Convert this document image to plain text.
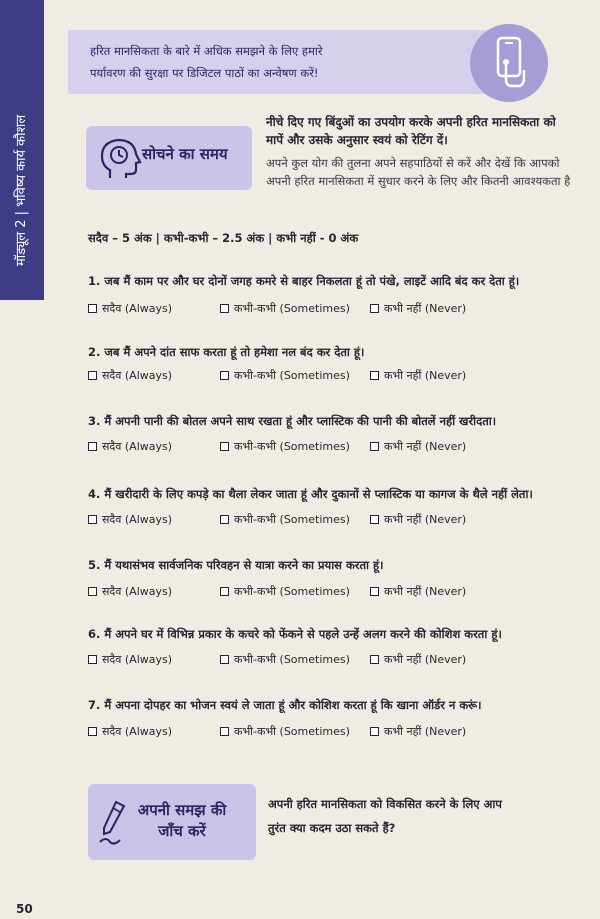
मॉड्यूल 2 | भविष्य कार्य कौशल
हरित मानसिकता के बारे में अधिक समझने के लिए हमारे
पर्यावरण की सुरक्षा पर डिजिटल पाठों का अन्वेषण करें!
सोचने का समय
नीचे दिए गए बिंदुओं का उपयोग करके अपनी हरित मानसिकता को मापें और उसके अनुसार स्वयं को रेटिंग दें।
अपने कुल योग की तुलना अपने सहपाठियों से करें और देखें कि आपको अपनी हरित मानसिकता में सुधार करने के लिए और कितनी आवश्यकता है
सदैव – 5 अंक | कभी-कभी – 2.5 अंक | कभी नहीं - 0 अंक
1. जब मैं काम पर और घर दोनों जगह कमरे से बाहर निकलता हूं तो पंखे, लाइटें आदि बंद कर देता हूं।
सदैव (Always)	कभी-कभी (Sometimes)	कभी नहीं (Never)
2. जब मैं अपने दांत साफ करता हूं तो हमेशा नल बंद कर देता हूं।
सदैव (Always)	कभी-कभी (Sometimes)	कभी नहीं (Never)
3. मैं अपनी पानी की बोतल अपने साथ रखता हूं और प्लास्टिक की पानी की बोतलें नहीं खरीदता।
सदैव (Always)	कभी-कभी (Sometimes)	कभी नहीं (Never)
4. मैं खरीदारी के लिए कपड़े का थैला लेकर जाता हूं और दुकानों से प्लास्टिक या कागज के थैले नहीं लेता।
सदैव (Always)	कभी-कभी (Sometimes)	कभी नहीं (Never)
5. मैं यथासंभव सार्वजनिक परिवहन से यात्रा करने का प्रयास करता हूं।
सदैव (Always)	कभी-कभी (Sometimes)	कभी नहीं (Never)
6. मैं अपने घर में विभिन्न प्रकार के कचरे को फेंकने से पहले उन्हें अलग करने की कोशिश करता हूं।
सदैव (Always)	कभी-कभी (Sometimes)	कभी नहीं (Never)
7. मैं अपना दोपहर का भोजन स्वयं ले जाता हूं और कोशिश करता हूं कि खाना ऑर्डर न करूं।
सदैव (Always)	कभी-कभी (Sometimes)	कभी नहीं (Never)
अपनी समझ की
जाँच करें
अपनी हरित मानसिकता को विकसित करने के लिए आप
तुरंत क्या कदम उठा सकते हैं?
50
